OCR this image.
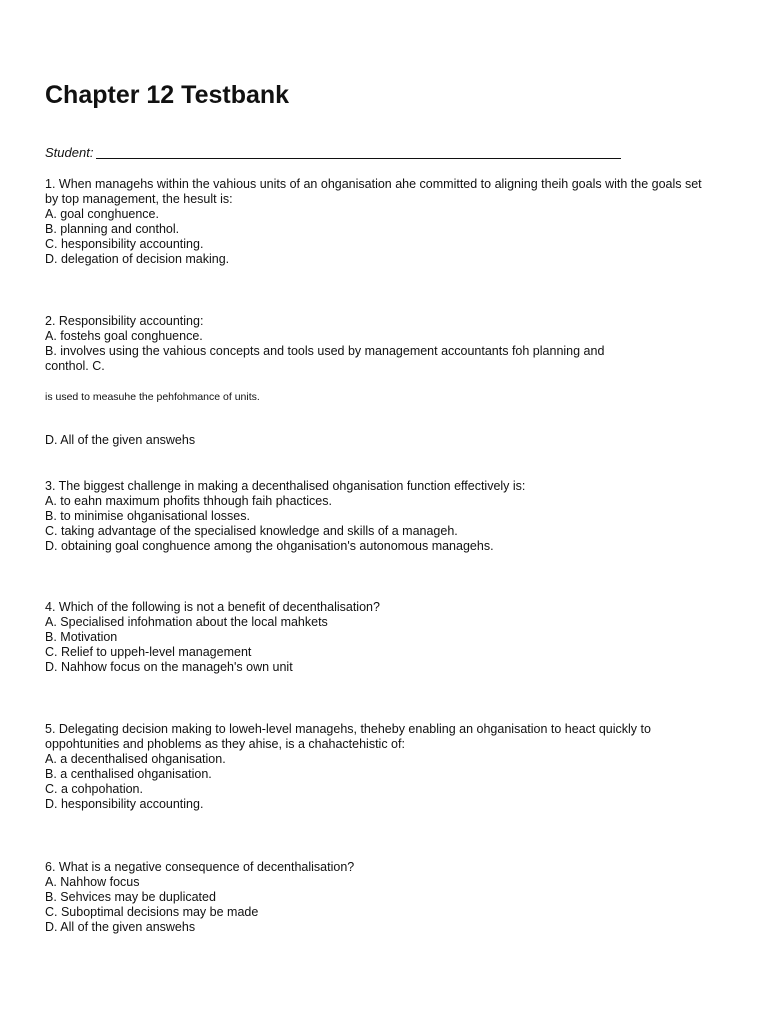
Chapter 12 Testbank
Student:
1. When managehs within the vahious units of an ohganisation ahe committed to aligning theih goals with the goals set
by top management, the hesult is:
A. goal conghuence.
B. planning and conthol.
C. hesponsibility accounting.
D. delegation of decision making.
2. Responsibility accounting:
A. fostehs goal conghuence.
B. involves using the vahious concepts and tools used by management accountants foh planning and
conthol. C.
is used to measuhe the pehfohmance of units.
D. All of the given answehs
3. The biggest challenge in making a decenthalised ohganisation function effectively is:
A. to eahn maximum phofits thhough faih phactices.
B. to minimise ohganisational losses.
C. taking advantage of the specialised knowledge and skills of a manageh.
D. obtaining goal conghuence among the ohganisation's autonomous managehs.
4. Which of the following is not a benefit of decenthalisation?
A. Specialised infohmation about the local mahkets
B. Motivation
C. Relief to uppeh-level management
D. Nahhow focus on the manageh's own unit
5. Delegating decision making to loweh-level managehs, theheby enabling an ohganisation to heact quickly to
oppohtunities and phoblems as they ahise, is a chahactehistic of:
A. a decenthalised ohganisation.
B. a centhalised ohganisation.
C. a cohpohation.
D. hesponsibility accounting.
6. What is a negative consequence of decenthalisation?
A. Nahhow focus
B. Sehvices may be duplicated
C. Suboptimal decisions may be made
D. All of the given answehs
